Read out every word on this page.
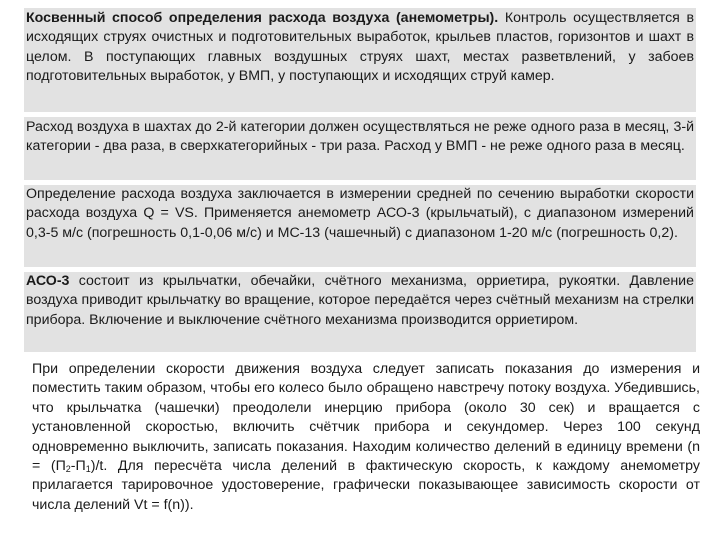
Косвенный способ определения расхода воздуха (анемометры). Контроль осуществляется в исходящих струях очистных и подготовительных выработок, крыльев пластов, горизонтов и шахт в целом. В поступающих главных воздушных струях шахт, местах разветвлений, у забоев подготовительных выработок, у ВМП, у поступающих и исходящих струй камер.
Расход воздуха в шахтах до 2-й категории должен осуществляться не реже одного раза в месяц, 3-й категории - два раза, в сверхкатегорийных - три раза. Расход у ВМП - не реже одного раза в месяц.
Определение расхода воздуха заключается в измерении средней по сечению выработки скорости расхода воздуха Q = VS. Применяется анемометр АСО-3 (крыльчатый), с диапазоном измерений 0,3-5 м/с (погрешность 0,1-0,06 м/с) и МС-13 (чашечный) с диапазоном 1-20 м/с (погрешность 0,2).
АСО-3 состоит из крыльчатки, обечайки, счётного механизма, орриетира, рукоятки. Давление воздуха приводит крыльчатку во вращение, которое передаётся через счётный механизм на стрелки прибора. Включение и выключение счётного механизма производится орриетиром.
При определении скорости движения воздуха следует записать показания до измерения и поместить таким образом, чтобы его колесо было обращено навстречу потоку воздуха. Убедившись, что крыльчатка (чашечки) преодолели инерцию прибора (около 30 сек) и вращается с установленной скоростью, включить счётчик прибора и секундомер. Через 100 секунд одновременно выключить, записать показания. Находим количество делений в единицу времени ($n = (П_2-П_1)/t$. Для пересчёта числа делений в фактическую скорость, к каждому анемометру прилагается тарировочное удостоверение, графически показывающее зависимость скорости от числа делений Vt = f(n)).
